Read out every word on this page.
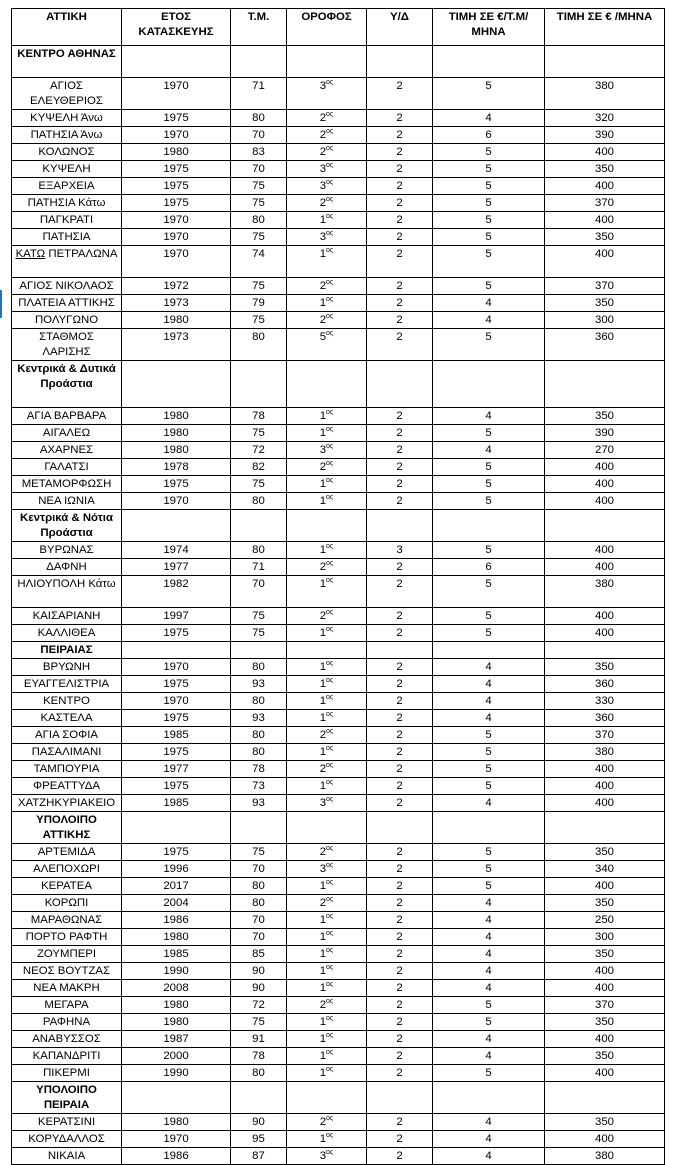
ΑΤΤΙΚΗ	ΕΤΟΣ ΚΑΤΑΣΚΕΥΗΣ	Τ.Μ.	ΟΡΟΦΟΣ	Υ/Δ	ΤΙΜΗ ΣΕ €/Τ.Μ/ΜΗΝΑ	ΤΙΜΗ ΣΕ € /ΜΗΝΑ
ΚΕΝΤΡΟ ΑΘΗΝΑΣ						
ΑΓΙΟΣ ΕΛΕΥΘΕΡΙΟΣ	1970	71	$3^{o\varsigma}$	2	5	380
ΚΥΨΕΛΗ Άνω	1975	80	$2^{o\varsigma}$	2	4	320
ΠΑΤΗΣΙΑ Άνω	1970	70	$2^{o\varsigma}$	2	6	390
ΚΟΛΩΝΟΣ	1980	83	$2^{o\varsigma}$	2	5	400
ΚΥΨΕΛΗ	1975	70	$3^{o\varsigma}$	2	5	350
ΕΞΑΡΧΕΙΑ	1975	75	$3^{o\varsigma}$	2	5	400
ΠΑΤΗΣΙΑ Κάτω	1975	75	$2^{o\varsigma}$	2	5	370
ΠΑΓΚΡΑΤΙ	1970	80	$1^{o\varsigma}$	2	5	400
ΠΑΤΗΣΙΑ	1970	75	$3^{o\varsigma}$	2	5	350
ΚΑΤΩ ΠΕΤΡΑΛΩΝΑ	1970	74	$1^{o\varsigma}$	2	5	400
ΑΓΙΟΣ ΝΙΚΟΛΑΟΣ	1972	75	$2^{o\varsigma}$	2	5	370
ΠΛΑΤΕΙΑ ΑΤΤΙΚΗΣ	1973	79	$1^{o\varsigma}$	2	4	350
ΠΟΛΥΓΩΝΟ	1980	75	$2^{o\varsigma}$	2	4	300
ΣΤΑΘΜΟΣ ΛΑΡΙΣΗΣ	1973	80	$5^{o\varsigma}$	2	5	360
Κεντρικά & Δυτικά Προάστια						
ΑΓΙΑ ΒΑΡΒΑΡΑ	1980	78	$1^{o\varsigma}$	2	4	350
ΑΙΓΑΛΕΩ	1980	75	$1^{o\varsigma}$	2	5	390
ΑΧΑΡΝΕΣ	1980	72	$3^{o\varsigma}$	2	4	270
ΓΑΛΑΤΣΙ	1978	82	$2^{o\varsigma}$	2	5	400
ΜΕΤΑΜΟΡΦΩΣΗ	1975	75	$1^{o\varsigma}$	2	5	400
ΝΕΑ ΙΩΝΙΑ	1970	80	$1^{o\varsigma}$	2	5	400
Κεντρικά & Νότια Προάστια						
ΒΥΡΩΝΑΣ	1974	80	$1^{o\varsigma}$	3	5	400
ΔΑΦΝΗ	1977	71	$2^{o\varsigma}$	2	6	400
ΗΛΙΟΥΠΟΛΗ Κάτω	1982	70	$1^{o\varsigma}$	2	5	380
ΚΑΙΣΑΡΙΑΝΗ	1997	75	$2^{o\varsigma}$	2	5	400
ΚΑΛΛΙΘΕΑ	1975	75	$1^{o\varsigma}$	2	5	400
ΠΕΙΡΑΙΑΣ						
ΒΡΥΩΝΗ	1970	80	$1^{o\varsigma}$	2	4	350
ΕΥΑΓΓΕΛΙΣΤΡΙΑ	1975	93	$1^{o\varsigma}$	2	4	360
ΚΕΝΤΡΟ	1970	80	$1^{o\varsigma}$	2	4	330
ΚΑΣΤΕΛΑ	1975	93	$1^{o\varsigma}$	2	4	360
ΑΓΙΑ ΣΟΦΙΑ	1985	80	$2^{o\varsigma}$	2	5	370
ΠΑΣΑΛΙΜΑΝΙ	1975	80	$1^{o\varsigma}$	2	5	380
ΤΑΜΠΟΥΡΙΑ	1977	78	$2^{o\varsigma}$	2	5	400
ΦΡΕΑΤΤΥΔΑ	1975	73	$1^{o\varsigma}$	2	5	400
ΧΑΤΖΗΚΥΡΙΑΚΕΙΟ	1985	93	$3^{o\varsigma}$	2	4	400
ΥΠΟΛΟΙΠΟ ΑΤΤΙΚΗΣ						
ΑΡΤΕΜΙΔΑ	1975	75	$2^{o\varsigma}$	2	5	350
ΑΛΕΠΟΧΩΡΙ	1996	70	$3^{o\varsigma}$	2	5	340
ΚΕΡΑΤΕΑ	2017	80	$1^{o\varsigma}$	2	5	400
ΚΟΡΩΠΙ	2004	80	$2^{o\varsigma}$	2	4	350
ΜΑΡΑΘΩΝΑΣ	1986	70	$1^{o\varsigma}$	2	4	250
ΠΟΡΤΟ ΡΑΦΤΗ	1980	70	$1^{o\varsigma}$	2	4	300
ΖΟΥΜΠΕΡΙ	1985	85	$1^{o\varsigma}$	2	4	350
ΝΕΟΣ ΒΟΥΤΖΑΣ	1990	90	$1^{o\varsigma}$	2	4	400
ΝΕΑ ΜΑΚΡΗ	2008	90	$1^{o\varsigma}$	2	4	400
ΜΕΓΑΡΑ	1980	72	$2^{o\varsigma}$	2	5	370
ΡΑΦΗΝΑ	1980	75	$1^{o\varsigma}$	2	5	350
ΑΝΑΒΥΣΣΟΣ	1987	91	$1^{o\varsigma}$	2	4	400
ΚΑΠΑΝΔΡΙΤΙ	2000	78	$1^{o\varsigma}$	2	4	350
ΠΙΚΕΡΜΙ	1990	80	$1^{o\varsigma}$	2	5	400
ΥΠΟΛΟΙΠΟ ΠΕΙΡΑΙΑ						
ΚΕΡΑΤΣΙΝΙ	1980	90	$2^{o\varsigma}$	2	4	350
ΚΟΡΥΔΑΛΛΟΣ	1970	95	$1^{o\varsigma}$	2	4	400
ΝΙΚΑΙΑ	1986	87	$3^{o\varsigma}$	2	4	380
